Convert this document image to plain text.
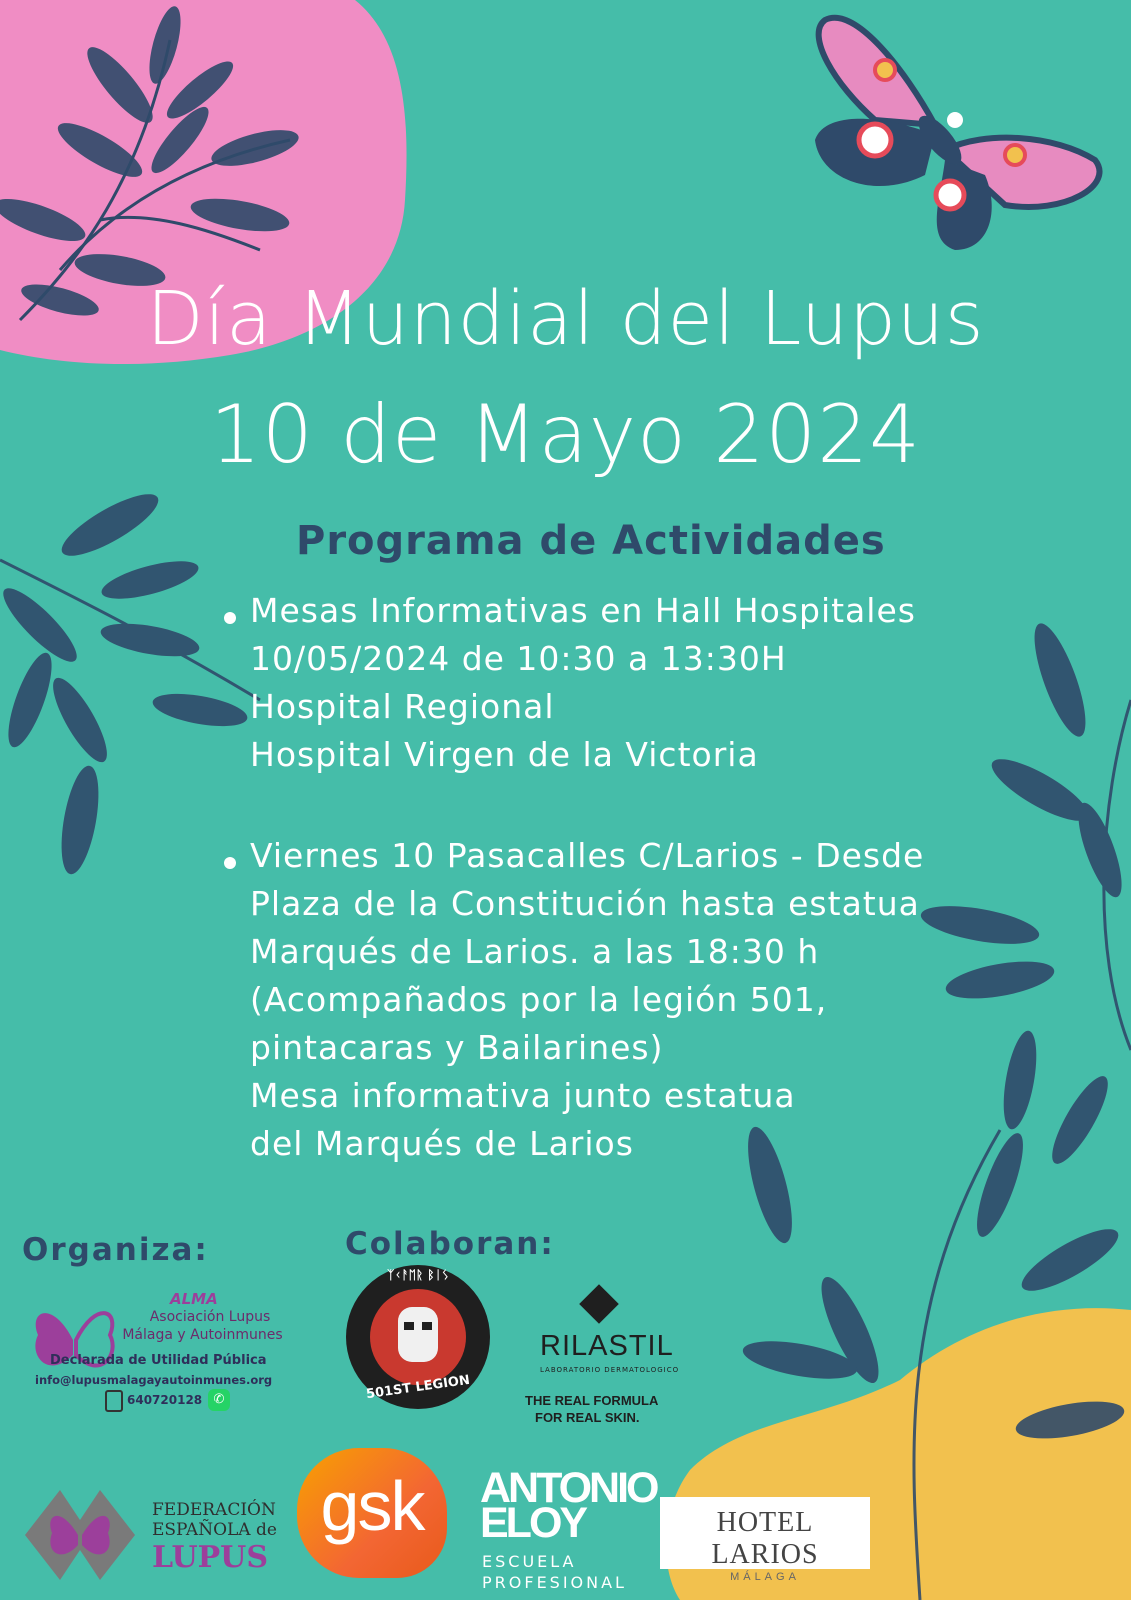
Día Mundial del Lupus
10 de Mayo 2024
Programa de Actividades
Mesas Informativas en Hall Hospitales
10/05/2024 de 10:30 a 13:30H
Hospital Regional
Hospital Virgen de la Victoria
Viernes 10 Pasacalles C/Larios - Desde
Plaza de la Constitución hasta estatua
Marqués de Larios. a las 18:30 h
(Acompañados por la legión 501,
pintacaras y Bailarines)
Mesa informativa junto estatua
del Marqués de Larios
Organiza:	Colaboran:
ALMA
Asociación Lupus
Málaga y Autoinmunes
Declarada de Utilidad Pública
info@lupusmalagayautoinmunes.org
640720128 ✆
ᛉᚲᚨᛖᚱ ᛒᛁᛊ
501ST LEGION
RILASTIL
LABORATORIO DERMATOLOGICO
THE REAL FORMULA
FOR REAL SKIN.
FEDERACIÓN
ESPAÑOLA de
LUPUS
gsk	ANTONIO
ELOY
ESCUELA
PROFESIONAL
HOTEL LARIOS
MÁLAGA
